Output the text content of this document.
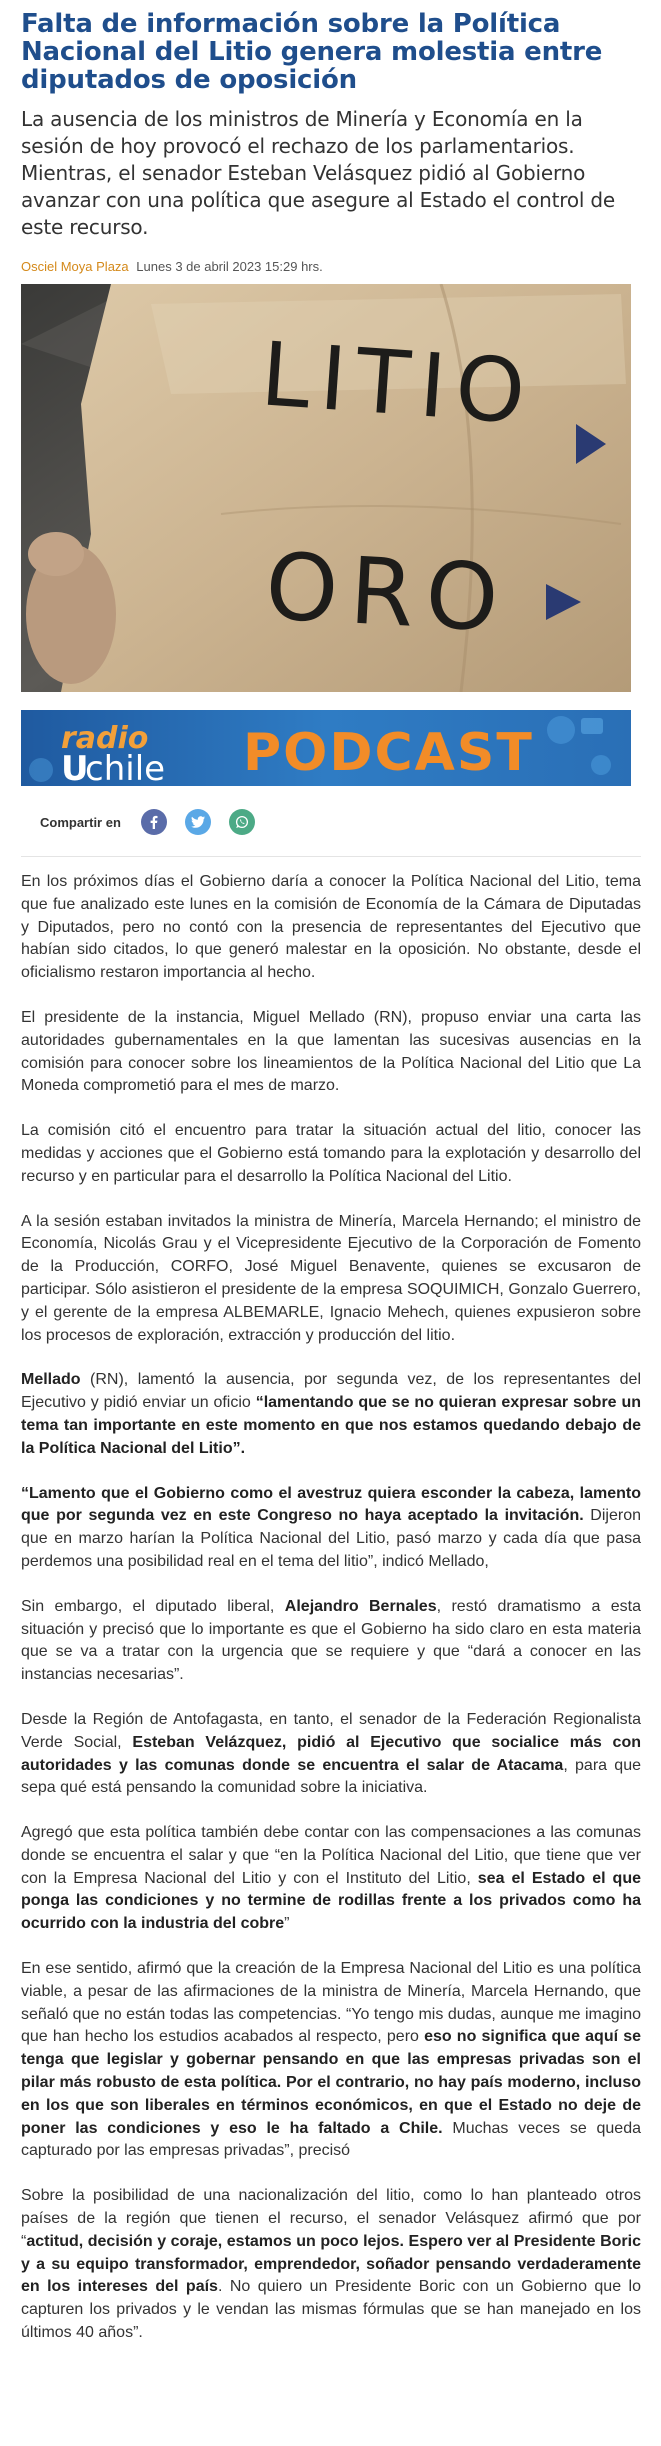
Falta de información sobre la Política Nacional del Litio genera molestia entre diputados de oposición

La ausencia de los ministros de Minería y Economía en la sesión de hoy provocó el rechazo de los parlamentarios. Mientras, el senador Esteban Velásquez pidió al Gobierno avanzar con una política que asegure al Estado el control de este recurso.

Osciel Moya Plaza Lunes 3 de abril 2023 15:29 hrs.
LITIO
ORO
radio
U
chile PODCAST
Compartir en

En los próximos días el Gobierno daría a conocer la Política Nacional del Litio, tema que fue analizado este lunes en la comisión de Economía de la Cámara de Diputadas y Diputados, pero no contó con la presencia de representantes del Ejecutivo que habían sido citados, lo que generó malestar en la oposición. No obstante, desde el oficialismo restaron importancia al hecho.

El presidente de la instancia, Miguel Mellado (RN), propuso enviar una carta las autoridades gubernamentales en la que lamentan las sucesivas ausencias en la comisión para conocer sobre los lineamientos de la Política Nacional del Litio que La Moneda comprometió para el mes de marzo.

La comisión citó el encuentro para tratar la situación actual del litio, conocer las medidas y acciones que el Gobierno está tomando para la explotación y desarrollo del recurso y en particular para el desarrollo la Política Nacional del Litio.

A la sesión estaban invitados la ministra de Minería, Marcela Hernando; el ministro de Economía, Nicolás Grau y el Vicepresidente Ejecutivo de la Corporación de Fomento de la Producción, CORFO, José Miguel Benavente, quienes se excusaron de participar. Sólo asistieron el presidente de la empresa SOQUIMICH, Gonzalo Guerrero, y el gerente de la empresa ALBEMARLE, Ignacio Mehech, quienes expusieron sobre los procesos de exploración, extracción y producción del litio.

Mellado (RN), lamentó la ausencia, por segunda vez, de los representantes del Ejecutivo y pidió enviar un oficio “lamentando que se no quieran expresar sobre un tema tan importante en este momento en que nos estamos quedando debajo de la Política Nacional del Litio”.

“Lamento que el Gobierno como el avestruz quiera esconder la cabeza, lamento que por segunda vez en este Congreso no haya aceptado la invitación. Dijeron que en marzo harían la Política Nacional del Litio, pasó marzo y cada día que pasa perdemos una posibilidad real en el tema del litio”, indicó Mellado,

Sin embargo, el diputado liberal, Alejandro Bernales, restó dramatismo a esta situación y precisó que lo importante es que el Gobierno ha sido claro en esta materia que se va a tratar con la urgencia que se requiere y que “dará a conocer en las instancias necesarias”.

Desde la Región de Antofagasta, en tanto, el senador de la Federación Regionalista Verde Social, Esteban Velázquez, pidió al Ejecutivo que socialice más con autoridades y las comunas donde se encuentra el salar de Atacama, para que sepa qué está pensando la comunidad sobre la iniciativa.

Agregó que esta política también debe contar con las compensaciones a las comunas donde se encuentra el salar y que “en la Política Nacional del Litio, que tiene que ver con la Empresa Nacional del Litio y con el Instituto del Litio, sea el Estado el que ponga las condiciones y no termine de rodillas frente a los privados como ha ocurrido con la industria del cobre”

En ese sentido, afirmó que la creación de la Empresa Nacional del Litio es una política viable, a pesar de las afirmaciones de la ministra de Minería, Marcela Hernando, que señaló que no están todas las competencias. “Yo tengo mis dudas, aunque me imagino que han hecho los estudios acabados al respecto, pero eso no significa que aquí se tenga que legislar y gobernar pensando en que las empresas privadas son el pilar más robusto de esta política. Por el contrario, no hay país moderno, incluso en los que son liberales en términos económicos, en que el Estado no deje de poner las condiciones y eso le ha faltado a Chile. Muchas veces se queda capturado por las empresas privadas”, precisó

Sobre la posibilidad de una nacionalización del litio, como lo han planteado otros países de la región que tienen el recurso, el senador Velásquez afirmó que por “actitud, decisión y coraje, estamos un poco lejos. Espero ver al Presidente Boric y a su equipo transformador, emprendedor, soñador pensando verdaderamente en los intereses del país. No quiero un Presidente Boric con un Gobierno que lo capturen los privados y le vendan las mismas fórmulas que se han manejado en los últimos 40 años”.
